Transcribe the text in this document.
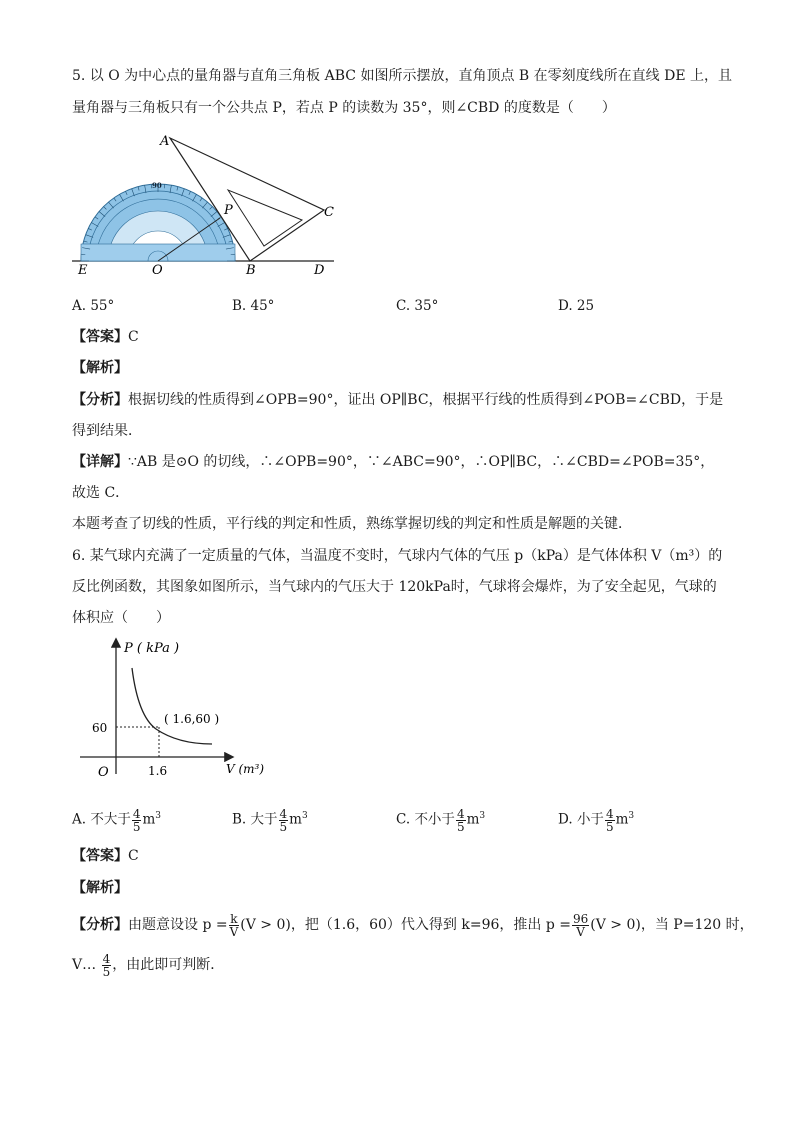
5. 以 O 为中心点的量角器与直角三角板 ABC 如图所示摆放，直角顶点 B 在零刻度线所在直线 DE 上，且
量角器与三角板只有一个公共点 P，若点 P 的读数为 35°，则∠CBD 的度数是（　　）
90
A
P	C
E	O	B	D
A. 55°	B. 45°	C. 35°	D. 25
【答案】C
【解析】
【分析】根据切线的性质得到∠OPB=90°，证出 OP∥BC，根据平行线的性质得到∠POB=∠CBD，于是
得到结果．
【详解】∵AB 是⊙O 的切线，∴∠OPB=90°，∵∠ABC=90°，∴OP∥BC，∴∠CBD=∠POB=35°，
故选 C．
本题考查了切线的性质，平行线的判定和性质，熟练掌握切线的判定和性质是解题的关键．
6. 某气球内充满了一定质量的气体，当温度不变时，气球内气体的气压 p（kPa）是气体体积 V（m³）的
反比例函数，其图象如图所示，当气球内的气压大于 120kPa时，气球将会爆炸，为了安全起见，气球的
体积应（　　）
P ( kPa )
V (m³)
O
60
1.6
( 1.6,60 )
A. 不大于 $\frac{4}{5} m^3$	B. 大于 $\frac{4}{5} m^3$	C. 不小于 $\frac{4}{5} m^3$	D. 小于 $\frac{4}{5} m^3$
【答案】C
【解析】
【分析】由题意设设 $p = \frac{k}{V} (V > 0)$，把（1.6，60）代入得到 k=96，推出 $p = \frac{96}{V} (V > 0)$，当 P=120 时，
V… $\frac{4}{5}$ ，由此即可判断．
